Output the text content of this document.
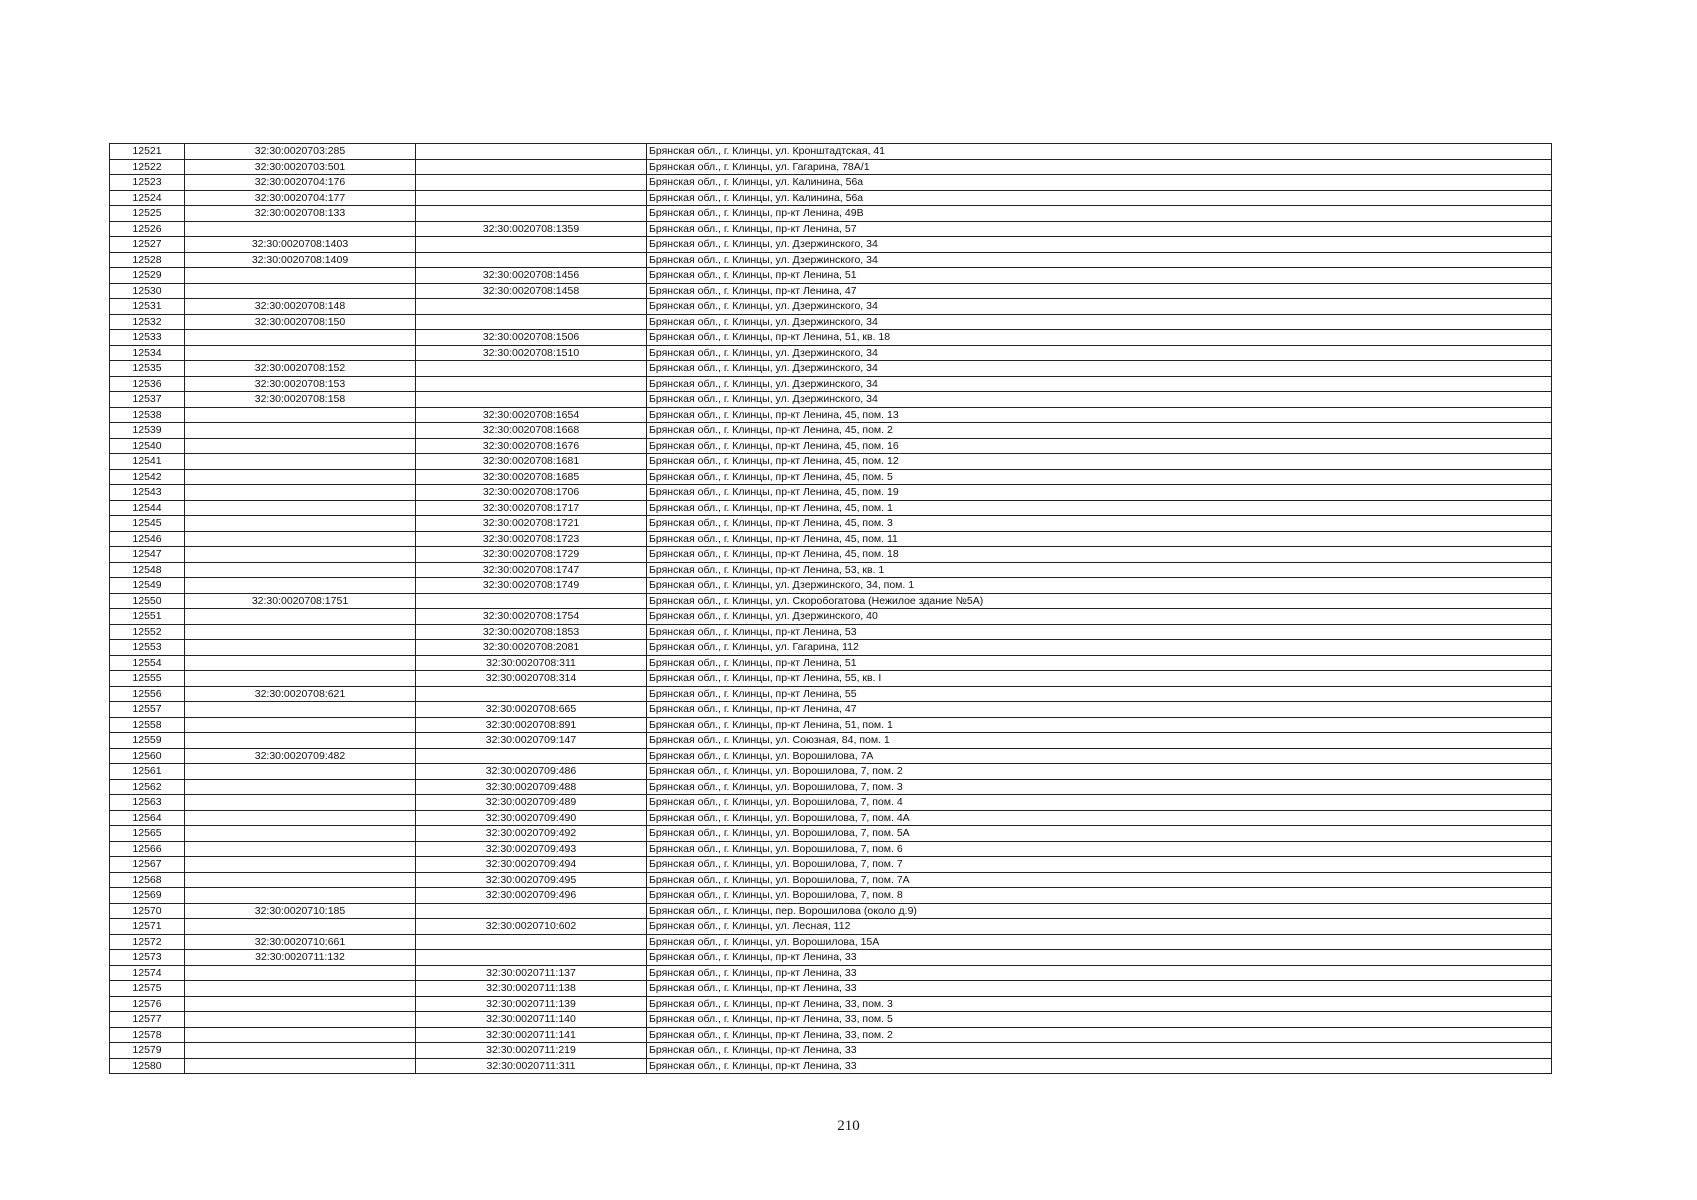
12521	32:30:0020703:285		Брянская обл., г. Клинцы, ул. Кронштадтская, 41
12522	32:30:0020703:501		Брянская обл., г. Клинцы, ул. Гагарина, 78А/1
12523	32:30:0020704:176		Брянская обл., г. Клинцы, ул. Калинина, 56а
12524	32:30:0020704:177		Брянская обл., г. Клинцы, ул. Калинина, 56а
12525	32:30:0020708:133		Брянская обл., г. Клинцы, пр-кт Ленина, 49В
12526		32:30:0020708:1359	Брянская обл., г. Клинцы, пр-кт Ленина, 57
12527	32:30:0020708:1403		Брянская обл., г. Клинцы, ул. Дзержинского, 34
12528	32:30:0020708:1409		Брянская обл., г. Клинцы, ул. Дзержинского, 34
12529		32:30:0020708:1456	Брянская обл., г. Клинцы, пр-кт Ленина, 51
12530		32:30:0020708:1458	Брянская обл., г. Клинцы, пр-кт Ленина, 47
12531	32:30:0020708:148		Брянская обл., г. Клинцы, ул. Дзержинского, 34
12532	32:30:0020708:150		Брянская обл., г. Клинцы, ул. Дзержинского, 34
12533		32:30:0020708:1506	Брянская обл., г. Клинцы, пр-кт Ленина, 51, кв. 18
12534		32:30:0020708:1510	Брянская обл., г. Клинцы, ул. Дзержинского, 34
12535	32:30:0020708:152		Брянская обл., г. Клинцы, ул. Дзержинского, 34
12536	32:30:0020708:153		Брянская обл., г. Клинцы, ул. Дзержинского, 34
12537	32:30:0020708:158		Брянская обл., г. Клинцы, ул. Дзержинского, 34
12538		32:30:0020708:1654	Брянская обл., г. Клинцы, пр-кт Ленина, 45, пом. 13
12539		32:30:0020708:1668	Брянская обл., г. Клинцы, пр-кт Ленина, 45, пом. 2
12540		32:30:0020708:1676	Брянская обл., г. Клинцы, пр-кт Ленина, 45, пом. 16
12541		32:30:0020708:1681	Брянская обл., г. Клинцы, пр-кт Ленина, 45, пом. 12
12542		32:30:0020708:1685	Брянская обл., г. Клинцы, пр-кт Ленина, 45, пом. 5
12543		32:30:0020708:1706	Брянская обл., г. Клинцы, пр-кт Ленина, 45, пом. 19
12544		32:30:0020708:1717	Брянская обл., г. Клинцы, пр-кт Ленина, 45, пом. 1
12545		32:30:0020708:1721	Брянская обл., г. Клинцы, пр-кт Ленина, 45, пом. 3
12546		32:30:0020708:1723	Брянская обл., г. Клинцы, пр-кт Ленина, 45, пом. 11
12547		32:30:0020708:1729	Брянская обл., г. Клинцы, пр-кт Ленина, 45, пом. 18
12548		32:30:0020708:1747	Брянская обл., г. Клинцы, пр-кт Ленина, 53, кв. 1
12549		32:30:0020708:1749	Брянская обл., г. Клинцы, ул. Дзержинского, 34, пом. 1
12550	32:30:0020708:1751		Брянская обл., г. Клинцы, ул. Скоробогатова (Нежилое здание №5А)
12551		32:30:0020708:1754	Брянская обл., г. Клинцы, ул. Дзержинского, 40
12552		32:30:0020708:1853	Брянская обл., г. Клинцы, пр-кт Ленина, 53
12553		32:30:0020708:2081	Брянская обл., г. Клинцы, ул. Гагарина, 112
12554		32:30:0020708:311	Брянская обл., г. Клинцы, пр-кт Ленина, 51
12555		32:30:0020708:314	Брянская обл., г. Клинцы, пр-кт Ленина, 55, кв. I
12556	32:30:0020708:621		Брянская обл., г. Клинцы, пр-кт Ленина, 55
12557		32:30:0020708:665	Брянская обл., г. Клинцы, пр-кт Ленина, 47
12558		32:30:0020708:891	Брянская обл., г. Клинцы, пр-кт Ленина, 51, пом. 1
12559		32:30:0020709:147	Брянская обл., г. Клинцы, ул. Союзная, 84, пом. 1
12560	32:30:0020709:482		Брянская обл., г. Клинцы, ул. Ворошилова, 7А
12561		32:30:0020709:486	Брянская обл., г. Клинцы, ул. Ворошилова, 7, пом. 2
12562		32:30:0020709:488	Брянская обл., г. Клинцы, ул. Ворошилова, 7, пом. 3
12563		32:30:0020709:489	Брянская обл., г. Клинцы, ул. Ворошилова, 7, пом. 4
12564		32:30:0020709:490	Брянская обл., г. Клинцы, ул. Ворошилова, 7, пом. 4А
12565		32:30:0020709:492	Брянская обл., г. Клинцы, ул. Ворошилова, 7, пом. 5А
12566		32:30:0020709:493	Брянская обл., г. Клинцы, ул. Ворошилова, 7, пом. 6
12567		32:30:0020709:494	Брянская обл., г. Клинцы, ул. Ворошилова, 7, пом. 7
12568		32:30:0020709:495	Брянская обл., г. Клинцы, ул. Ворошилова, 7, пом. 7А
12569		32:30:0020709:496	Брянская обл., г. Клинцы, ул. Ворошилова, 7, пом. 8
12570	32:30:0020710:185		Брянская обл., г. Клинцы, пер. Ворошилова (около д.9)
12571		32:30:0020710:602	Брянская обл., г. Клинцы, ул. Лесная, 112
12572	32:30:0020710:661		Брянская обл., г. Клинцы, ул. Ворошилова, 15А
12573	32:30:0020711:132		Брянская обл., г. Клинцы, пр-кт Ленина, 33
12574		32:30:0020711:137	Брянская обл., г. Клинцы, пр-кт Ленина, 33
12575		32:30:0020711:138	Брянская обл., г. Клинцы, пр-кт Ленина, 33
12576		32:30:0020711:139	Брянская обл., г. Клинцы, пр-кт Ленина, 33, пом. 3
12577		32:30:0020711:140	Брянская обл., г. Клинцы, пр-кт Ленина, 33, пом. 5
12578		32:30:0020711:141	Брянская обл., г. Клинцы, пр-кт Ленина, 33, пом. 2
12579		32:30:0020711:219	Брянская обл., г. Клинцы, пр-кт Ленина, 33
12580		32:30:0020711:311	Брянская обл., г. Клинцы, пр-кт Ленина, 33
210
